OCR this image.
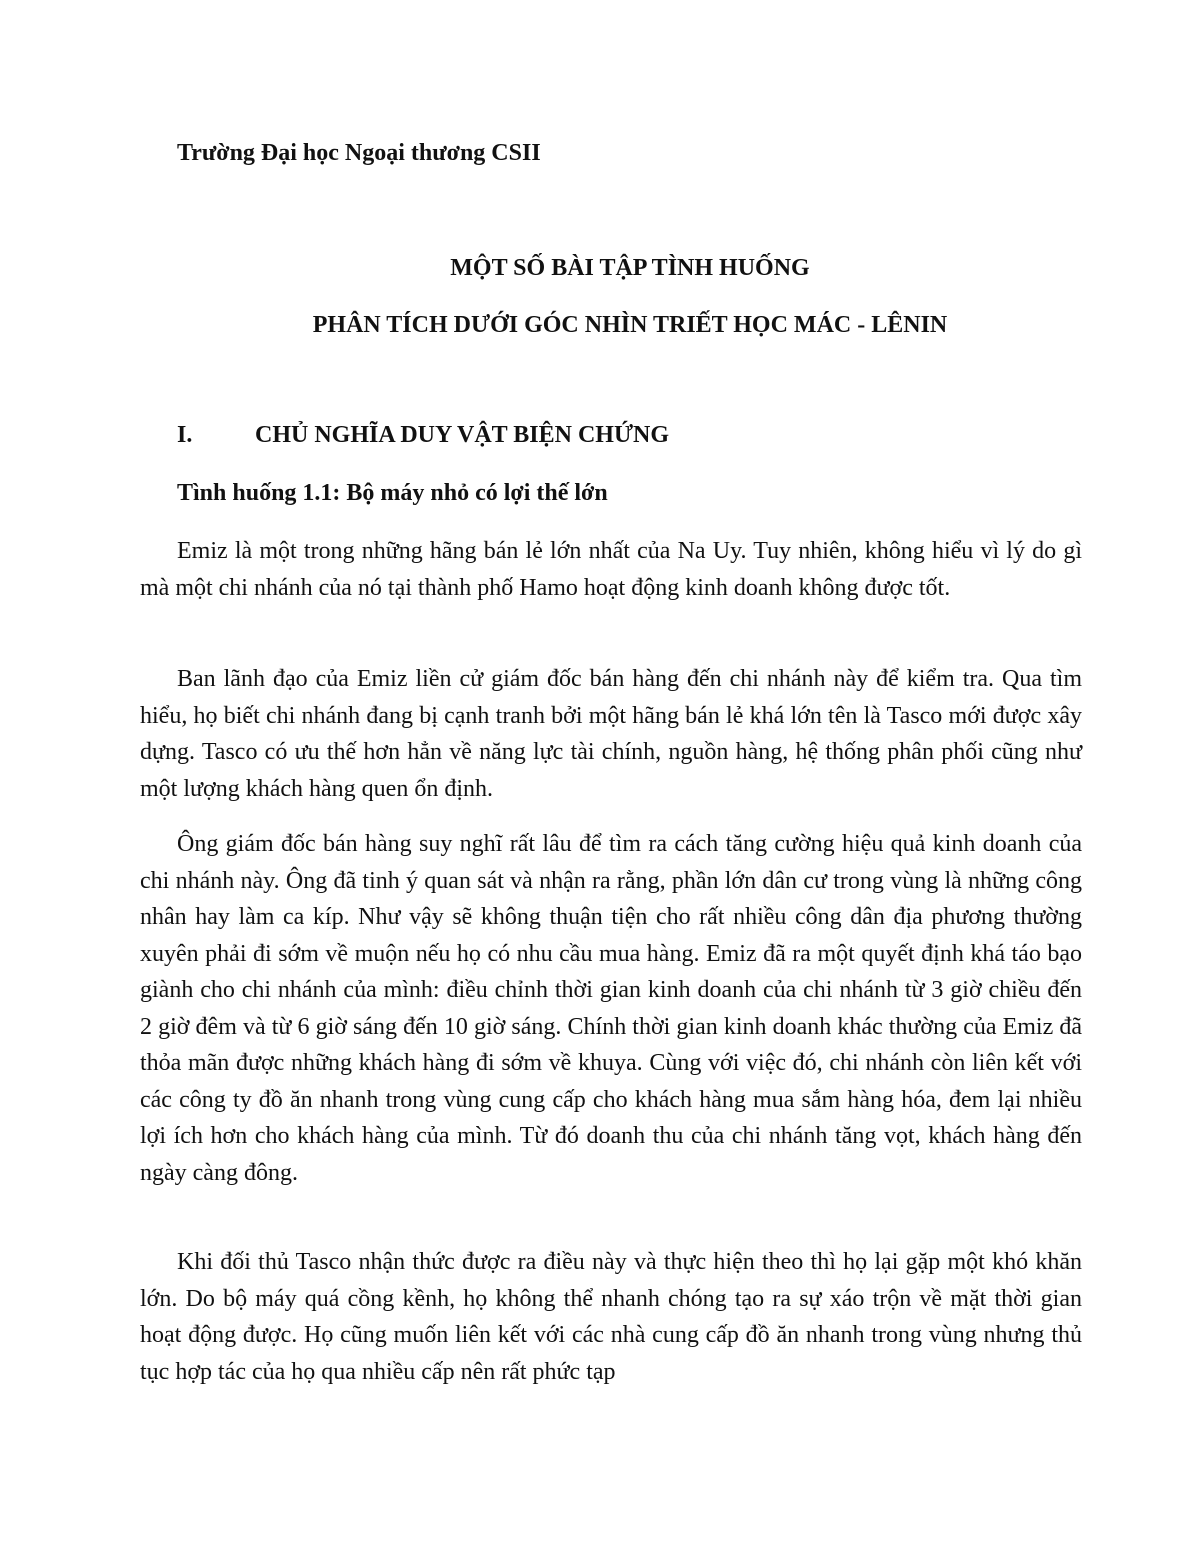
Trường Đại học Ngoại thương CSII

MỘT SỐ BÀI TẬP TÌNH HUỐNG

PHÂN TÍCH DƯỚI GÓC NHÌN TRIẾT HỌC MÁC - LÊNIN

I.	CHỦ NGHĨA DUY VẬT BIỆN CHỨNG

Tình huống 1.1: Bộ máy nhỏ có lợi thế lớn

Emiz là một trong những hãng bán lẻ lớn nhất của Na Uy. Tuy nhiên, không hiểu vì lý do gì mà một chi nhánh của nó tại thành phố Hamo hoạt động kinh doanh không được tốt.

Ban lãnh đạo của Emiz liền cử giám đốc bán hàng đến chi nhánh này để kiểm tra. Qua tìm hiểu, họ biết chi nhánh đang bị cạnh tranh bởi một hãng bán lẻ khá lớn tên là Tasco mới được xây dựng. Tasco có ưu thế hơn hẳn về năng lực tài chính, nguồn hàng, hệ thống phân phối cũng như một lượng khách hàng quen ổn định.

Ông giám đốc bán hàng suy nghĩ rất lâu để tìm ra cách tăng cường hiệu quả kinh doanh của chi nhánh này. Ông đã tinh ý quan sát và nhận ra rằng, phần lớn dân cư trong vùng là những công nhân hay làm ca kíp. Như vậy sẽ không thuận tiện cho rất nhiều công dân địa phương thường xuyên phải đi sớm về muộn nếu họ có nhu cầu mua hàng. Emiz đã ra một quyết định khá táo bạo giành cho chi nhánh của mình: điều chỉnh thời gian kinh doanh của chi nhánh từ 3 giờ chiều đến 2 giờ đêm và từ 6 giờ sáng đến 10 giờ sáng. Chính thời gian kinh doanh khác thường của Emiz đã thỏa mãn được những khách hàng đi sớm về khuya. Cùng với việc đó, chi nhánh còn liên kết với các công ty đồ ăn nhanh trong vùng cung cấp cho khách hàng mua sắm hàng hóa, đem lại nhiều lợi ích hơn cho khách hàng của mình. Từ đó doanh thu của chi nhánh tăng vọt, khách hàng đến ngày càng đông.

Khi đối thủ Tasco nhận thức được ra điều này và thực hiện theo thì họ lại gặp một khó khăn lớn. Do bộ máy quá cồng kềnh, họ không thể nhanh chóng tạo ra sự xáo trộn về mặt thời gian hoạt động được. Họ cũng muốn liên kết với các nhà cung cấp đồ ăn nhanh trong vùng nhưng thủ tục hợp tác của họ qua nhiều cấp nên rất phức tạp
